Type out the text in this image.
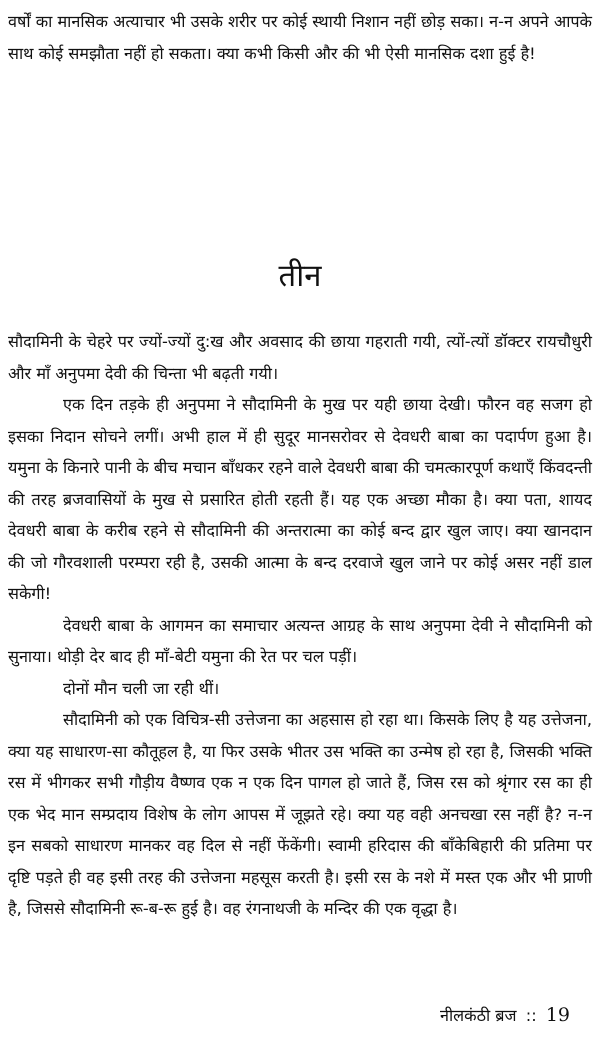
वर्षों का मानसिक अत्याचार भी उसके शरीर पर कोई स्थायी निशान नहीं छोड़ सका। न-न अपने आपके साथ कोई समझौता नहीं हो सकता। क्या कभी किसी और की भी ऐसी मानसिक दशा हुई है!

तीन

सौदामिनी के चेहरे पर ज्यों-ज्यों दु:ख और अवसाद की छाया गहराती गयी, त्यों-त्यों डॉक्टर रायचौधुरी और माँ अनुपमा देवी की चिन्ता भी बढ़ती गयी।

एक दिन तड़के ही अनुपमा ने सौदामिनी के मुख पर यही छाया देखी। फौरन वह सजग हो इसका निदान सोचने लगीं। अभी हाल में ही सुदूर मानसरोवर से देवधरी बाबा का पदार्पण हुआ है। यमुना के किनारे पानी के बीच मचान बाँधकर रहने वाले देवधरी बाबा की चमत्कारपूर्ण कथाएँ किंवदन्ती की तरह ब्रजवासियों के मुख से प्रसारित होती रहती हैं। यह एक अच्छा मौका है। क्या पता, शायद देवधरी बाबा के करीब रहने से सौदामिनी की अन्तरात्मा का कोई बन्द द्वार खुल जाए। क्या खानदान की जो गौरवशाली परम्परा रही है, उसकी आत्मा के बन्द दरवाजे खुल जाने पर कोई असर नहीं डाल सकेगी!

देवधरी बाबा के आगमन का समाचार अत्यन्त आग्रह के साथ अनुपमा देवी ने सौदामिनी को सुनाया। थोड़ी देर बाद ही माँ-बेटी यमुना की रेत पर चल पड़ीं।

दोनों मौन चली जा रही थीं।

सौदामिनी को एक विचित्र-सी उत्तेजना का अहसास हो रहा था। किसके लिए है यह उत्तेजना, क्या यह साधारण-सा कौतूहल है, या फिर उसके भीतर उस भक्ति का उन्मेष हो रहा है, जिसकी भक्ति रस में भीगकर सभी गौड़ीय वैष्णव एक न एक दिन पागल हो जाते हैं, जिस रस को श्रृंगार रस का ही एक भेद मान सम्प्रदाय विशेष के लोग आपस में जूझते रहे। क्या यह वही अनचखा रस नहीं है? न-न इन सबको साधारण मानकर वह दिल से नहीं फेंकेंगी। स्वामी हरिदास की बाँकेबिहारी की प्रतिमा पर दृष्टि पड़ते ही वह इसी तरह की उत्तेजना महसूस करती है। इसी रस के नशे में मस्त एक और भी प्राणी है, जिससे सौदामिनी रू-ब-रू हुई है। वह रंगनाथजी के मन्दिर की एक वृद्धा है।

नीलकंठी ब्रज :: 19
